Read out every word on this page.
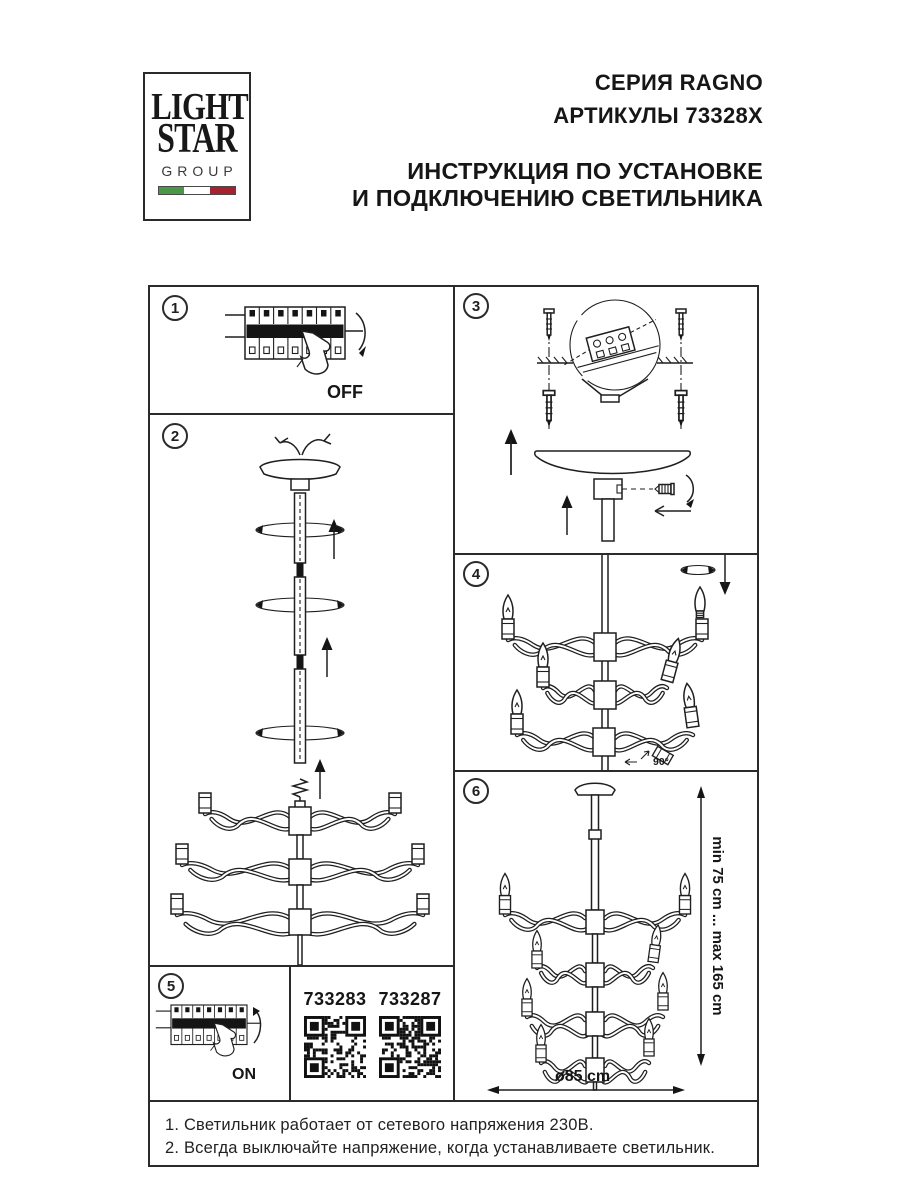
LIGHT
STAR
GROUP
СЕРИЯ RAGNO
АРТИКУЛЫ 73328X
ИНСТРУКЦИЯ ПО УСТАНОВКЕ
И ПОДКЛЮЧЕНИЮ СВЕТИЛЬНИКА
1
OFF
2
3
4
90°
5
ON
733283 733287
6
min 75 cm ... max 165 cm
ø85 cm
1. Светильник работает от сетевого напряжения 230В.
2. Всегда выключайте напряжение, когда устанавливаете светильник.
